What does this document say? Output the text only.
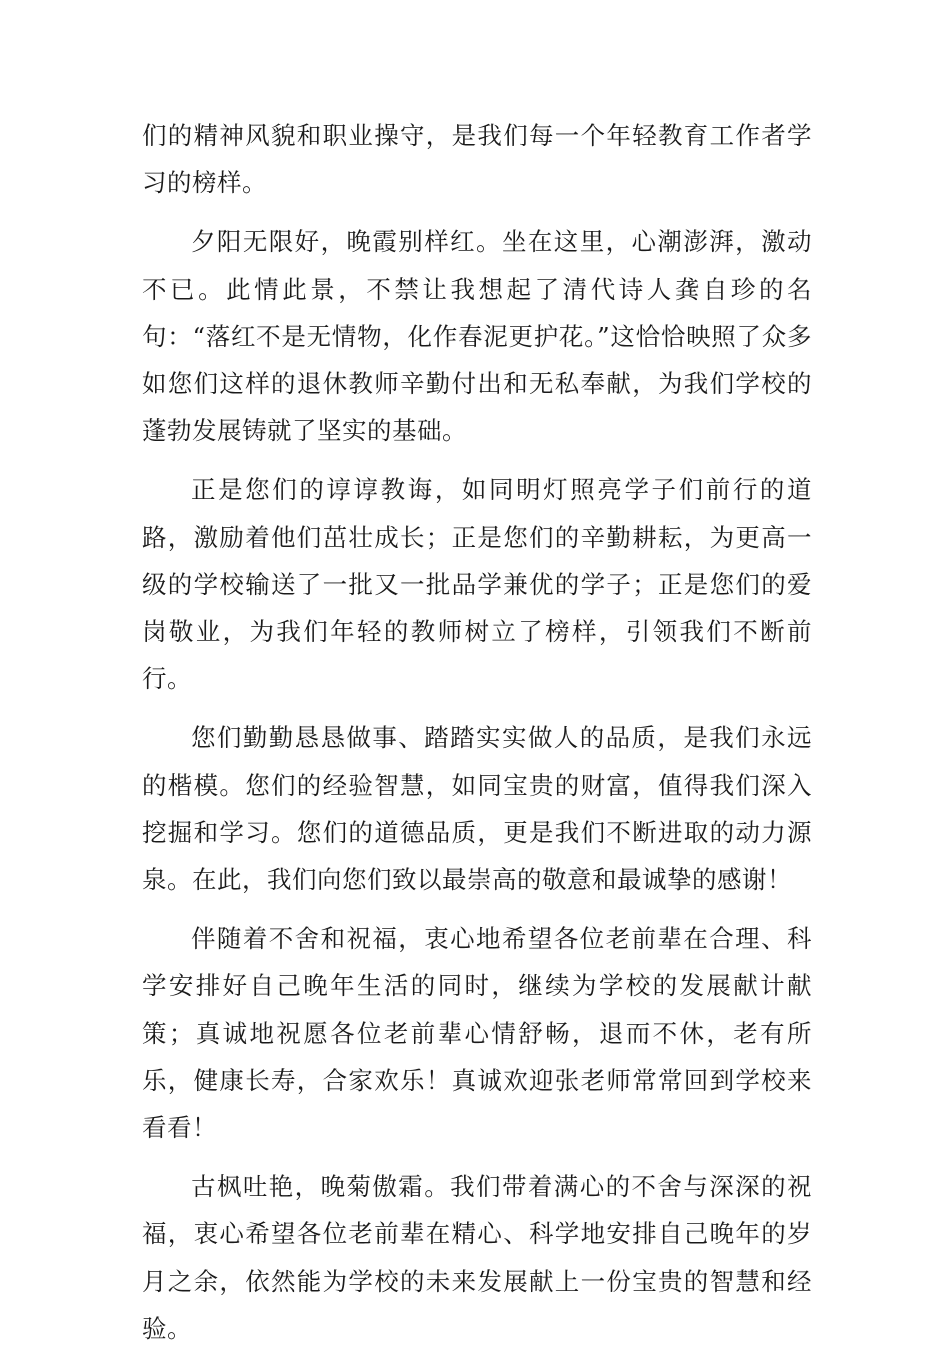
们的精神风貌和职业操守，是我们每一个年轻教育工作者学习的榜样。

夕阳无限好，晚霞别样红。坐在这里，心潮澎湃，激动不已。此情此景，不禁让我想起了清代诗人龚自珍的名句：“落红不是无情物，化作春泥更护花。”这恰恰映照了众多如您们这样的退休教师辛勤付出和无私奉献，为我们学校的蓬勃发展铸就了坚实的基础。

正是您们的谆谆教诲，如同明灯照亮学子们前行的道路，激励着他们茁壮成长；正是您们的辛勤耕耘，为更高一级的学校输送了一批又一批品学兼优的学子；正是您们的爱岗敬业，为我们年轻的教师树立了榜样，引领我们不断前行。

您们勤勤恳恳做事、踏踏实实做人的品质，是我们永远的楷模。您们的经验智慧，如同宝贵的财富，值得我们深入挖掘和学习。您们的道德品质，更是我们不断进取的动力源泉。在此，我们向您们致以最崇高的敬意和最诚挚的感谢！

伴随着不舍和祝福，衷心地希望各位老前辈在合理、科学安排好自己晚年生活的同时，继续为学校的发展献计献策；真诚地祝愿各位老前辈心情舒畅，退而不休，老有所乐，健康长寿，合家欢乐！真诚欢迎张老师常常回到学校来看看！

古枫吐艳，晚菊傲霜。我们带着满心的不舍与深深的祝福，衷心希望各位老前辈在精心、科学地安排自己晚年的岁月之余，依然能为学校的未来发展献上一份宝贵的智慧和经验。
